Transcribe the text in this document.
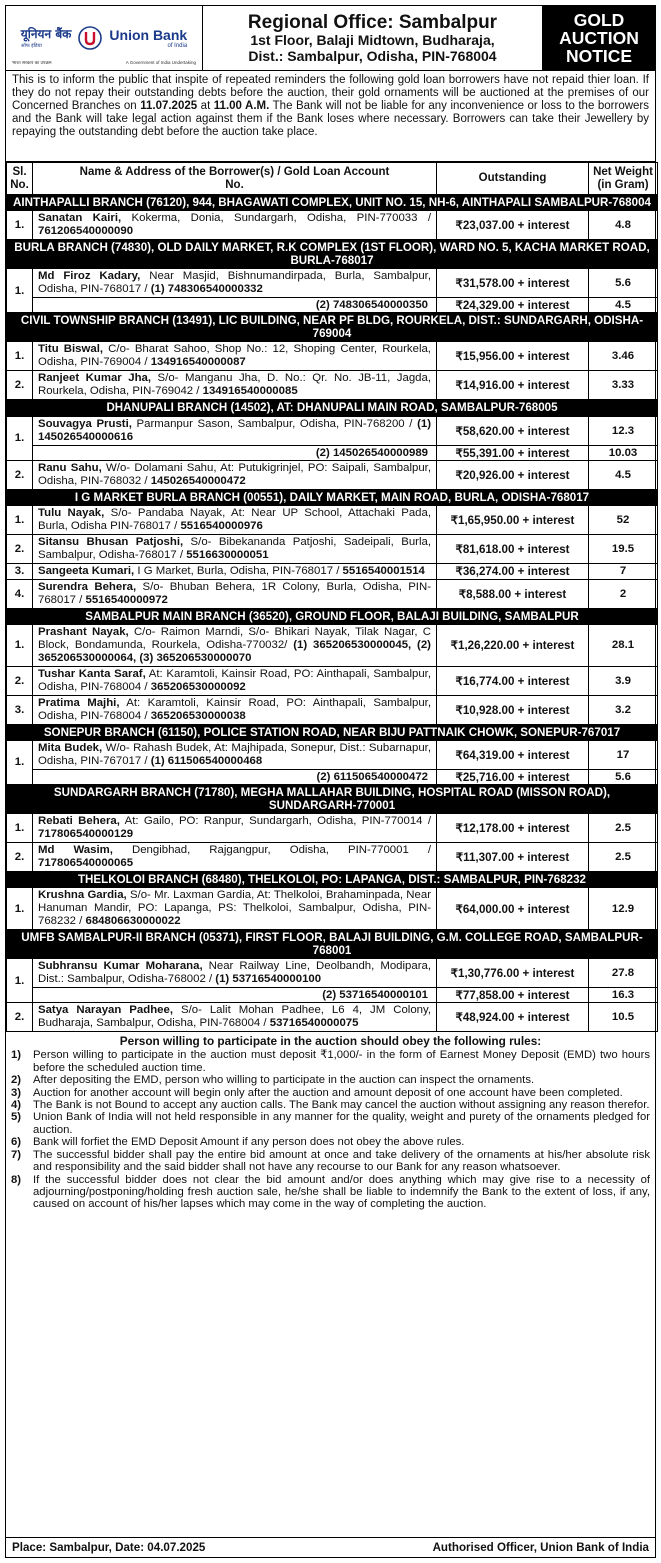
यूनियन बैंक
ऑफ इंडिया
Union Bank
of India
भारत सरकार का उपक्रम	A Government of India Undertaking
Regional Office: Sambalpur
1st Floor, Balaji Midtown, Budharaja,
Dist.: Sambalpur, Odisha, PIN-768004
GOLD
AUCTION
NOTICE
This is to inform the public that inspite of repeated reminders the following gold loan borrowers have not repaid thier loan. If they do not repay their outstanding debts before the auction, their gold ornaments will be auctioned at the premises of our Concerned Branches on 11.07.2025 at 11.00 A.M. The Bank will not be liable for any inconvenience or loss to the borrowers and the Bank will take legal action against them if the Bank loses where necessary. Borrowers can take their Jewellery by repaying the outstanding debt before the auction take place.
Sl. No.	Name & Address of the Borrower(s) / Gold Loan Account No.	Outstanding	Net Weight (in Gram)
AINTHAPALLI BRANCH (76120), 944, BHAGAWATI COMPLEX, UNIT NO. 15, NH-6, AINTHAPALI SAMBALPUR-768004			
1.	Sanatan Kairi, Kokerma, Donia, Sundargarh, Odisha, PIN-770033 / 761206540000090	₹23,037.00 + interest	4.8
BURLA BRANCH (74830), OLD DAILY MARKET, R.K COMPLEX (1ST FLOOR), WARD NO. 5, KACHA MARKET ROAD, BURLA-768017			
1.	Md Firoz Kadary, Near Masjid, Bishnumandirpada, Burla, Sambalpur, Odisha, PIN-768017 / (1) 748306540000332	₹31,578.00 + interest	5.6
	(2) 748306540000350	₹24,329.00 + interest	4.5
CIVIL TOWNSHIP BRANCH (13491), LIC BUILDING, NEAR PF BLDG, ROURKELA, DIST.: SUNDARGARH, ODISHA-769004			
1.	Titu Biswal, C/o- Bharat Sahoo, Shop No.: 12, Shoping Center, Rourkela, Odisha, PIN-769004 / 134916540000087	₹15,956.00 + interest	3.46
2.	Ranjeet Kumar Jha, S/o- Manganu Jha, D. No.: Qr. No. JB-11, Jagda, Rourkela, Odisha, PIN-769042 / 134916540000085	₹14,916.00 + interest	3.33
DHANUPALI BRANCH (14502), AT: DHANUPALI MAIN ROAD, SAMBALPUR-768005			
1.	Souvagya Prusti, Parmanpur Sason, Sambalpur, Odisha, PIN-768200 / (1) 145026540000616	₹58,620.00 + interest	12.3
	(2) 145026540000989	₹55,391.00 + interest	10.03
2.	Ranu Sahu, W/o- Dolamani Sahu, At: Putukigrinjel, PO: Saipali, Sambalpur, Odisha, PIN-768032 / 145026540000472	₹20,926.00 + interest	4.5
I G MARKET BURLA BRANCH (00551), DAILY MARKET, MAIN ROAD, BURLA, ODISHA-768017			
1.	Tulu Nayak, S/o- Pandaba Nayak, At: Near UP School, Attachaki Pada, Burla, Odisha PIN-768017 / 5516540000976	₹1,65,950.00 + interest	52
2.	Sitansu Bhusan Patjoshi, S/o- Bibekananda Patjoshi, Sadeipali, Burla, Sambalpur, Odisha-768017 / 5516630000051	₹81,618.00 + interest	19.5
3.	Sangeeta Kumari, I G Market, Burla, Odisha, PIN-768017 / 5516540001514	₹36,274.00 + interest	7
4.	Surendra Behera, S/o- Bhuban Behera, 1R Colony, Burla, Odisha, PIN-768017 / 5516540000972	₹8,588.00 + interest	2
SAMBALPUR MAIN BRANCH (36520), GROUND FLOOR, BALAJI BUILDING, SAMBALPUR			
1.	Prashant Nayak, C/o- Raimon Marndi, S/o- Bhikari Nayak, Tilak Nagar, C Block, Bondamunda, Rourkela, Odisha-770032/ (1) 365206530000045, (2) 365206530000064, (3) 365206530000070	₹1,26,220.00 + interest	28.1
2.	Tushar Kanta Saraf, At: Karamtoli, Kainsir Road, PO: Ainthapali, Sambalpur, Odisha, PIN-768004 / 365206530000092	₹16,774.00 + interest	3.9
3.	Pratima Majhi, At: Karamtoli, Kainsir Road, PO: Ainthapali, Sambalpur, Odisha, PIN-768004 / 365206530000038	₹10,928.00 + interest	3.2
SONEPUR BRANCH (61150), POLICE STATION ROAD, NEAR BIJU PATTNAIK CHOWK, SONEPUR-767017			
1.	Mita Budek, W/o- Rahash Budek, At: Majhipada, Sonepur, Dist.: Subarnapur, Odisha, PIN-767017 / (1) 611506540000468	₹64,319.00 + interest	17
	(2) 611506540000472	₹25,716.00 + interest	5.6
SUNDARGARH BRANCH (71780), MEGHA MALLAHAR BUILDING, HOSPITAL ROAD (MISSON ROAD), SUNDARGARH-770001			
1.	Rebati Behera, At: Gailo, PO: Ranpur, Sundargarh, Odisha, PIN-770014 / 717806540000129	₹12,178.00 + interest	2.5
2.	Md Wasim, Dengibhad, Rajgangpur, Odisha, PIN-770001 / 717806540000065	₹11,307.00 + interest	2.5
THELKOLOI BRANCH (68480), THELKOLOI, PO: LAPANGA, DIST.: SAMBALPUR, PIN-768232			
1.	Krushna Gardia, S/o- Mr. Laxman Gardia, At: Thelkoloi, Brahaminpada, Near Hanuman Mandir, PO: Lapanga, PS: Thelkoloi, Sambalpur, Odisha, PIN-768232 / 684806630000022	₹64,000.00 + interest	12.9
UMFB SAMBALPUR-II BRANCH (05371), FIRST FLOOR, BALAJI BUILDING, G.M. COLLEGE ROAD, SAMBALPUR-768001			
1.	Subhransu Kumar Moharana, Near Railway Line, Deolbandh, Modipara, Dist.: Sambalpur, Odisha-768002 / (1) 53716540000100	₹1,30,776.00 + interest	27.8
	(2) 53716540000101	₹77,858.00 + interest	16.3
2.	Satya Narayan Padhee, S/o- Lalit Mohan Padhee, L6 4, JM Colony, Budharaja, Sambalpur, Odisha, PIN-768004 / 53716540000075	₹48,924.00 + interest	10.5
Person willing to participate in the auction should obey the following rules:
1)	Person willing to participate in the auction must deposit ₹1,000/- in the form of Earnest Money Deposit (EMD) two hours before the scheduled auction time.
2)	After depositing the EMD, person who willing to participate in the auction can inspect the ornaments.
3)	Auction for another account will begin only after the auction and amount deposit of one account have been completed.
4)	The Bank is not Bound to accept any auction calls. The Bank may cancel the auction without assigning any reason therefor.
5)	Union Bank of India will not held responsible in any manner for the quality, weight and purety of the ornaments pledged for auction.
6)	Bank will forfiet the EMD Deposit Amount if any person does not obey the above rules.
7)	The successful bidder shall pay the entire bid amount at once and take delivery of the ornaments at his/her absolute risk and responsibility and the said bidder shall not have any recourse to our Bank for any reason whatsoever.
8)	If the successful bidder does not clear the bid amount and/or does anything which may give rise to a necessity of adjourning/postponing/holding fresh auction sale, he/she shall be liable to indemnify the Bank to the extent of loss, if any, caused on account of his/her lapses which may come in the way of completing the auction.
Place: Sambalpur, Date: 04.07.2025	Authorised Officer, Union Bank of India
